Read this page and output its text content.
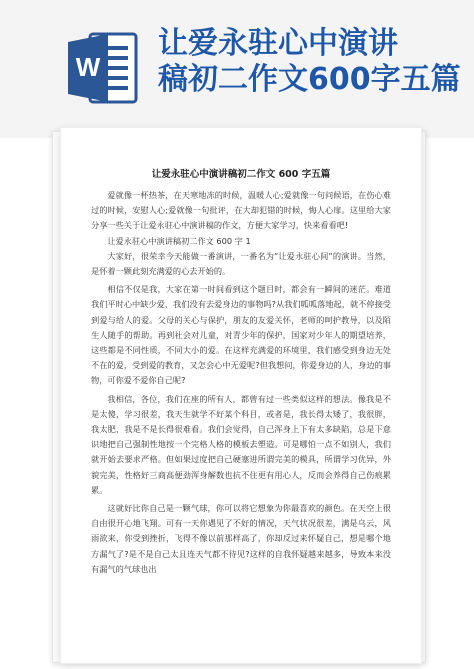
W
让爱永驻心中演讲
稿初二作文600字五篇
让爱永驻心中演讲稿初二作文 600 字五篇

爱就像一杯热茶，在天寒地冻的时候，温暖人心;爱就像一句问候语，在伤心难过的时候，安慰人心;爱就像一句批评，在大却犯错的时候，悔人心扉。这里给大家分享一些关于让爱永驻心中演讲稿的作文，方便大家学习，快来看看吧!

让爱永驻心中演讲稿初二作文 600 字 1

大家好，很荣幸今天能做一番演讲，一番名为“让爱永驻心间”的演讲。当然，是怀着一颗此刻充满爱的心去开始的。

相信不仅是我，大家在第一时间看到这个题目时，都会有一瞬间的迷茫。难道我们平时心中缺少爱，我们没有去爱身边的事物吗?从我们呱呱落地起，就不停接受到爱与给人的爱。父母的关心与保护，朋友的友爱关怀，老师的呵护教导，以及陌生人随手的帮助。再到社会对儿童，对青少年的保护，国家对少年人的期望培养，这些都是不同性质，不同大小的爱。在这样充满爱的环境里，我们感受到身边无处不在的爱，受到爱的教育，又怎会心中无爱呢?但我想问，你爱身边的人，身边的事物，可你爱不爱你自己呢?

我相信，各位，我们在座的所有人，都曾有过一些类似这样的想法。像我是不是太傻，学习很差，我天生就学不好某个科目，或者是，我长得太矮了，我很胖，我太肥，我是不是长得很难看。我们会觉得，自己浑身上下有太多缺陷，总是下意识地把自己强制性地按一个完格人格的模板去塑造。可是哪怕一点不如别人，我们就开始去要求严格。但如果过度把自己硬塞进所谓完美的模具，所谓学习优异，外貌完美，性格好三商高便劲浑身解数也抗不住更有用心人，反而会养得自己伤痕累累。

这就好比你自己是一颗气球，你可以将它想象为你最喜欢的颜色。在天空上很自由很开心地飞翔。可有一天你遇见了不好的情况，天气状况很差，满是乌云，风雨欲来，你受到挫折，飞得不像以前那样高了，你却反过来怀疑自己，想是哪个地方漏气了?是不是自己太且连天气都不待见?这样的自我怀疑越来越多，导致本来没有漏气的气球也出
